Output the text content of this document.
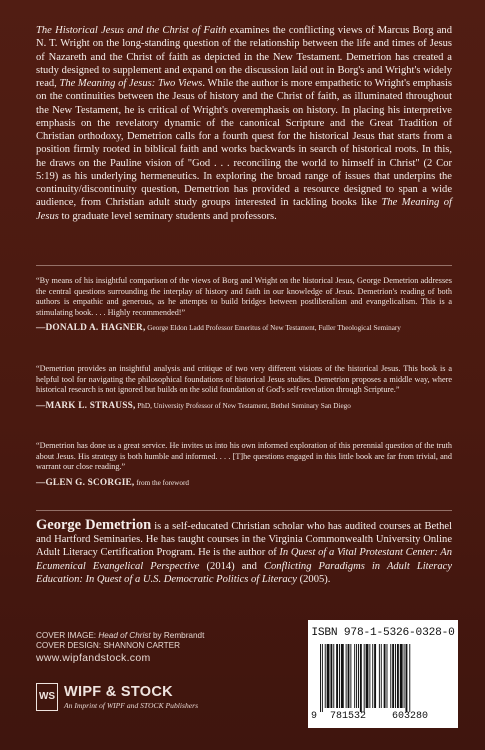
The Historical Jesus and the Christ of Faith examines the conflicting views of Marcus Borg and N. T. Wright on the long-standing question of the relationship between the life and times of Jesus of Nazareth and the Christ of faith as depicted in the New Testament. Demetrion has created a study designed to supplement and expand on the discussion laid out in Borg's and Wright's widely read, The Meaning of Jesus: Two Views. While the author is more empathetic to Wright's emphasis on the continuities between the Jesus of history and the Christ of faith, as illuminated throughout the New Testament, he is critical of Wright's overemphasis on history. In placing his interpretive emphasis on the revelatory dynamic of the canonical Scripture and the Great Tradition of Christian orthodoxy, Demetrion calls for a fourth quest for the historical Jesus that starts from a position firmly rooted in biblical faith and works backwards in search of historical roots. In this, he draws on the Pauline vision of "God . . . reconciling the world to himself in Christ" (2 Cor 5:19) as his underlying hermeneutics. In exploring the broad range of issues that underpins the continuity/discontinuity question, Demetrion has provided a resource designed to span a wide audience, from Christian adult study groups interested in tackling books like The Meaning of Jesus to graduate level seminary students and professors.

“By means of his insightful comparison of the views of Borg and Wright on the historical Jesus, George Demetrion addresses the central questions surrounding the interplay of history and faith in our knowledge of Jesus. Demetrion's reading of both authors is empathic and generous, as he attempts to build bridges between postliberalism and evangelicalism. This is a stimulating book. . . . Highly recommended!”

—DONALD A. HAGNER, George Eldon Ladd Professor Emeritus of New Testament, Fuller Theological Seminary

“Demetrion provides an insightful analysis and critique of two very different visions of the historical Jesus. This book is a helpful tool for navigating the philosophical foundations of historical Jesus studies. Demetrion proposes a middle way, where historical research is not ignored but builds on the solid foundation of God's self-revelation through Scripture.”

—MARK L. STRAUSS, PhD, University Professor of New Testament, Bethel Seminary San Diego

“Demetrion has done us a great service. He invites us into his own informed exploration of this perennial question of the truth about Jesus. His strategy is both humble and informed. . . . [T]he questions engaged in this little book are far from trivial, and warrant our close reading.”

—GLEN G. SCORGIE, from the foreword

George Demetrion is a self-educated Christian scholar who has audited courses at Bethel and Hartford Seminaries. He has taught courses in the Virginia Commonwealth University Online Adult Literacy Certification Program. He is the author of In Quest of a Vital Protestant Center: An Ecumenical Evangelical Perspective (2014) and Conflicting Paradigms in Adult Literacy Education: In Quest of a U.S. Democratic Politics of Literacy (2005).

COVER IMAGE: Head of Christ by Rembrandt
COVER DESIGN: SHANNON CARTER
www.wipfandstock.com
WS WIPF & STOCK
An Imprint of WIPF and STOCK Publishers
ISBN 978-1-5326-0328-0
9 781532	603280
